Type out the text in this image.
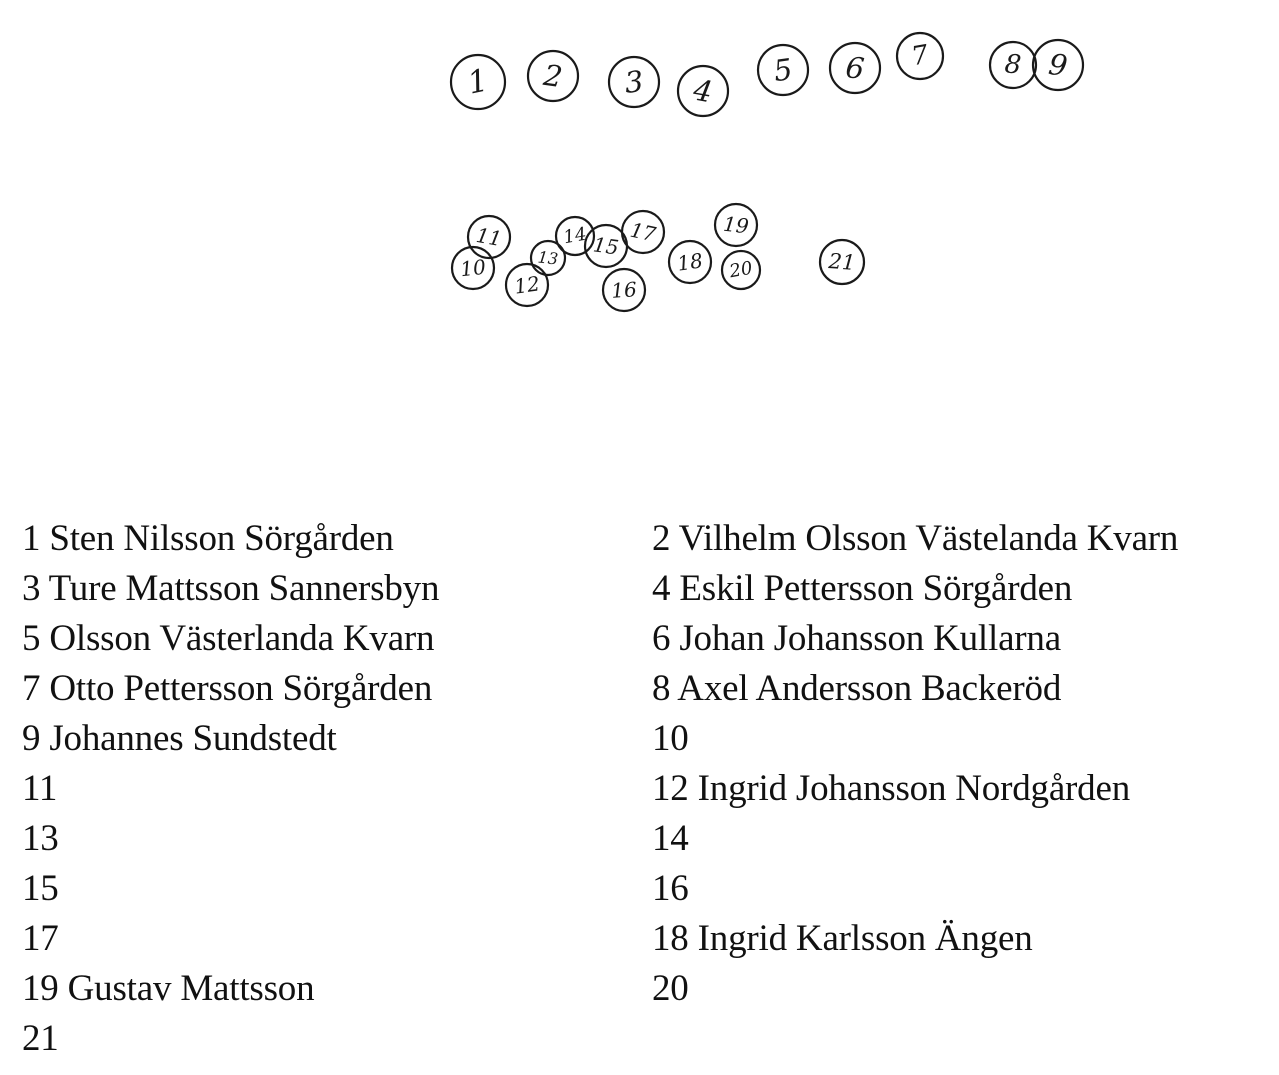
1 2 3 4
5 6 7	8 9
10
11
12
13
14 15
16
17
18
19
20	21
1 Sten Nilsson Sörgården
3 Ture Mattsson Sannersbyn
5 Olsson Västerlanda Kvarn
7 Otto Pettersson Sörgården
9 Johannes Sundstedt
11
13
15
17
19 Gustav Mattsson
21
2 Vilhelm Olsson Västelanda Kvarn
4 Eskil Pettersson Sörgården
6 Johan Johansson Kullarna
8 Axel Andersson Backeröd
10
12 Ingrid Johansson Nordgården
14
16
18 Ingrid Karlsson Ängen
20
